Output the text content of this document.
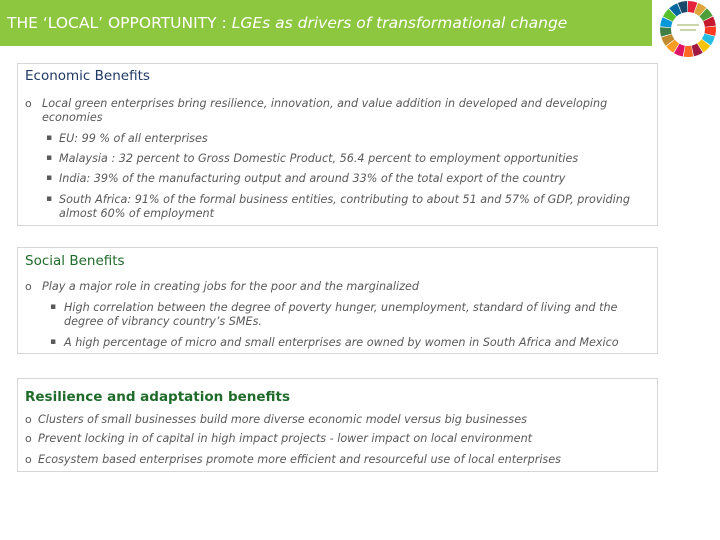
THE ‘LOCAL’ OPPORTUNITY : LGEs as drivers of transformational change
Economic Benefits
o Local green enterprises bring resilience, innovation, and value addition in developed and developing economies
▪ EU: 99 % of all enterprises
▪ Malaysia : 32 percent to Gross Domestic Product, 56.4 percent to employment opportunities
▪ India: 39% of the manufacturing output and around 33% of the total export of the country
▪ South Africa: 91% of the formal business entities, contributing to about 51 and 57% of GDP, providing almost 60% of employment
Social Benefits
o Play a major role in creating jobs for the poor and the marginalized
▪ High correlation between the degree of poverty hunger, unemployment, standard of living and the degree of vibrancy country’s SMEs.
▪ A high percentage of micro and small enterprises are owned by women in South Africa and Mexico
Resilience and adaptation benefits
o Clusters of small businesses build more diverse economic model versus big businesses
o Prevent locking in of capital in high impact projects - lower impact on local environment
o Ecosystem based enterprises promote more efficient and resourceful use of local enterprises
